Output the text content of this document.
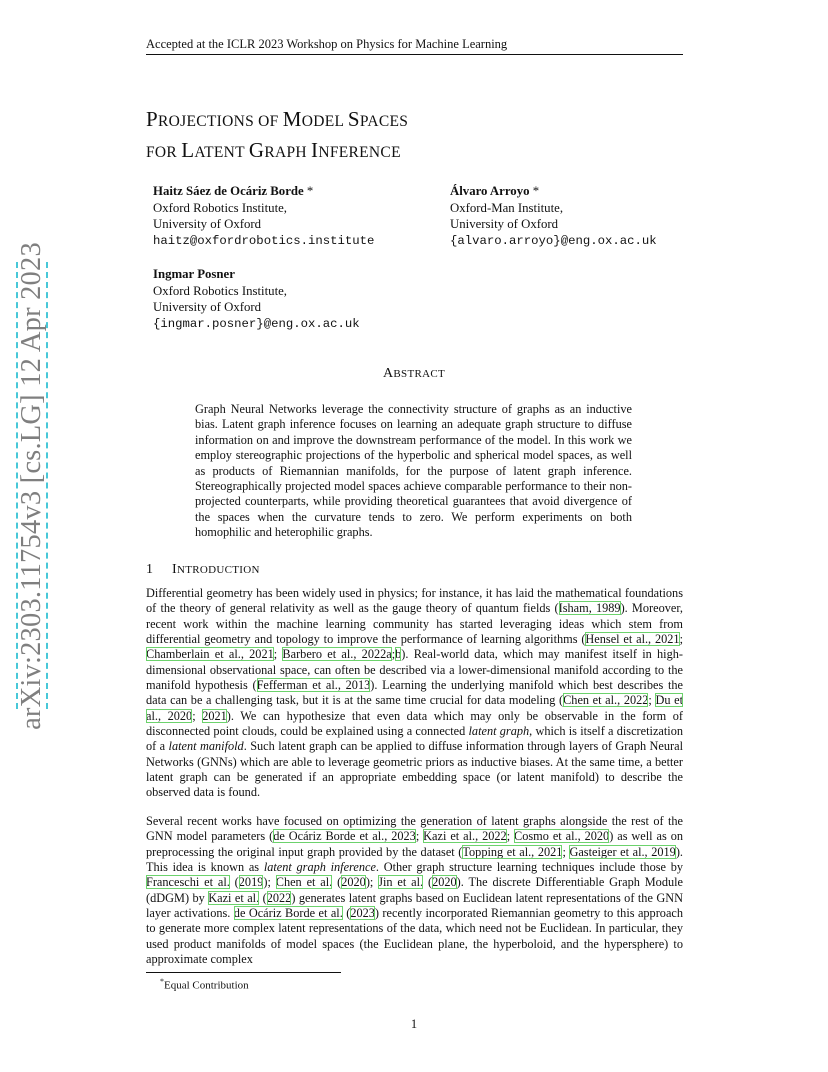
arXiv:2303.11754v3 [cs.LG] 12 Apr 2023
Accepted at the ICLR 2023 Workshop on Physics for Machine Learning
PROJECTIONS OF MODEL SPACES
FOR LATENT GRAPH INFERENCE
Haitz Sáez de Ocáriz Borde *
Oxford Robotics Institute,
University of Oxford
haitz@oxfordrobotics.institute
Álvaro Arroyo *
Oxford-Man Institute,
University of Oxford
{alvaro.arroyo}@eng.ox.ac.uk
Ingmar Posner
Oxford Robotics Institute,
University of Oxford
{ingmar.posner}@eng.ox.ac.uk
ABSTRACT
Graph Neural Networks leverage the connectivity structure of graphs as an inductive bias. Latent graph inference focuses on learning an adequate graph structure to diffuse information on and improve the downstream performance of the model. In this work we employ stereographic projections of the hyperbolic and spherical model spaces, as well as products of Riemannian manifolds, for the purpose of latent graph inference. Stereographically projected model spaces achieve comparable performance to their non-projected counterparts, while providing theoretical guarantees that avoid divergence of the spaces when the curvature tends to zero. We perform experiments on both homophilic and heterophilic graphs.
1 INTRODUCTION

Differential geometry has been widely used in physics; for instance, it has laid the mathematical foundations of the theory of general relativity as well as the gauge theory of quantum fields (Isham, 1989). Moreover, recent work within the machine learning community has started leveraging ideas which stem from differential geometry and topology to improve the performance of learning algorithms (Hensel et al., 2021; Chamberlain et al., 2021; Barbero et al., 2022a;b). Real-world data, which may manifest itself in high-dimensional observational space, can often be described via a lower-dimensional manifold according to the manifold hypothesis (Fefferman et al., 2013). Learning the underlying manifold which best describes the data can be a challenging task, but it is at the same time crucial for data modeling (Chen et al., 2022; Du et al., 2020; 2021). We can hypothesize that even data which may only be observable in the form of disconnected point clouds, could be explained using a connected latent graph, which is itself a discretization of a latent manifold. Such latent graph can be applied to diffuse information through layers of Graph Neural Networks (GNNs) which are able to leverage geometric priors as inductive biases. At the same time, a better latent graph can be generated if an appropriate embedding space (or latent manifold) to describe the observed data is found.

Several recent works have focused on optimizing the generation of latent graphs alongside the rest of the GNN model parameters (de Ocáriz Borde et al., 2023; Kazi et al., 2022; Cosmo et al., 2020) as well as on preprocessing the original input graph provided by the dataset (Topping et al., 2021; Gasteiger et al., 2019). This idea is known as latent graph inference. Other graph structure learning techniques include those by Franceschi et al. (2019); Chen et al. (2020); Jin et al. (2020). The discrete Differentiable Graph Module (dDGM) by Kazi et al. (2022) generates latent graphs based on Euclidean latent representations of the GNN layer activations. de Ocáriz Borde et al. (2023) recently incorporated Riemannian geometry to this approach to generate more complex latent representations of the data, which need not be Euclidean. In particular, they used product manifolds of model spaces (the Euclidean plane, the hyperboloid, and the hypersphere) to approximate complex

*Equal Contribution
1
